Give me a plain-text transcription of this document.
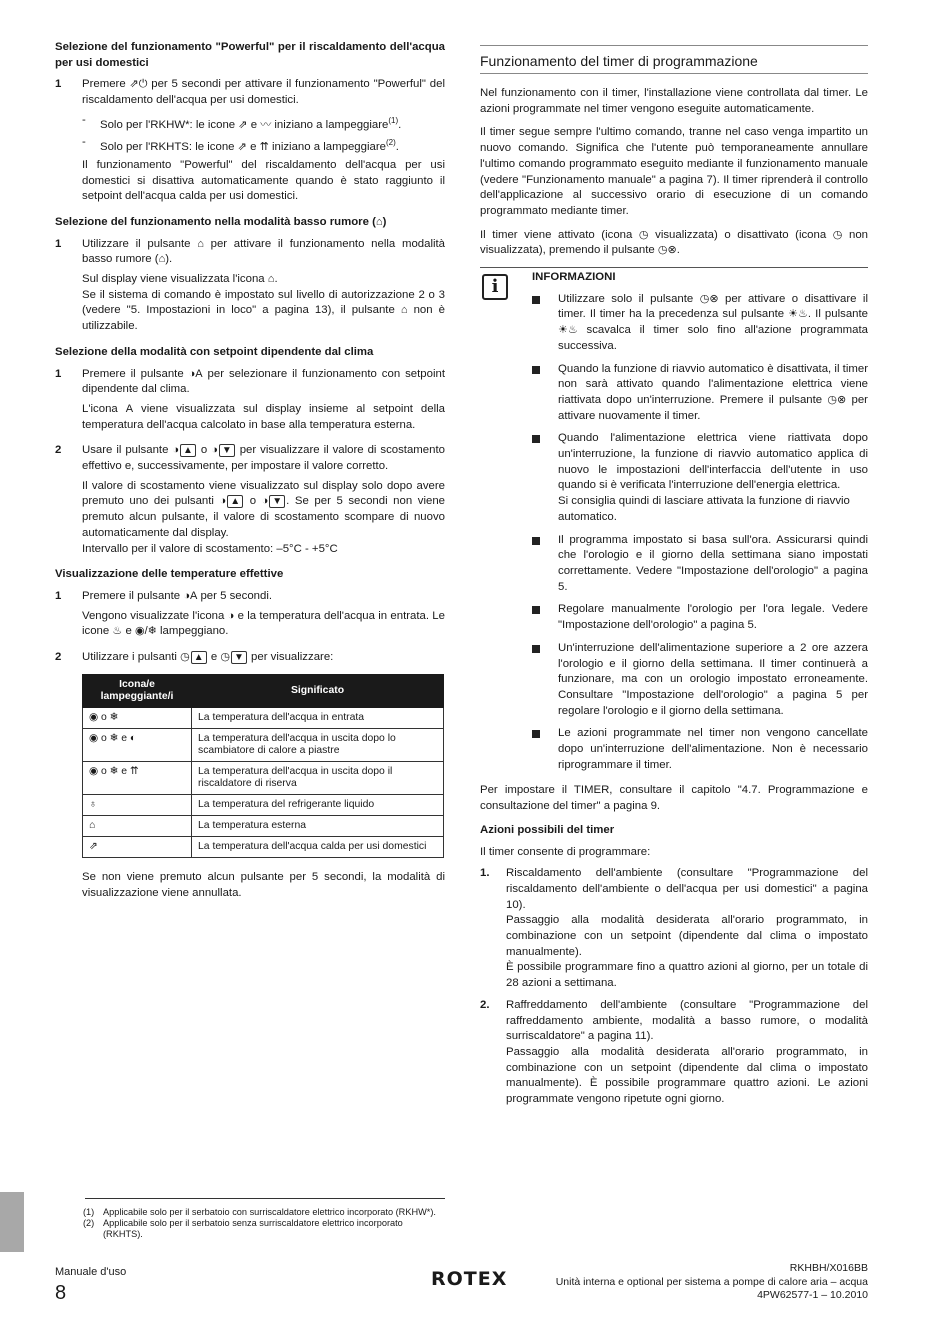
Selezione del funzionamento "Powerful" per il riscaldamento dell'acqua per usi domestici

1 Premere ⇗⏻ per 5 secondi per attivare il funzionamento "Powerful" del riscaldamento dell'acqua per usi domestici.

- Solo per l'RKHW*: le icone ⇗ e 〰 iniziano a lampeggiare$^{(1)}$.
- Solo per l'RKHTS: le icone ⇗ e ⇈ iniziano a lampeggiare$^{(2)}$.

Il funzionamento "Powerful" del riscaldamento dell'acqua per usi domestici si disattiva automaticamente quando è stato raggiunto il setpoint dell'acqua calda per usi domestici.

Selezione del funzionamento nella modalità basso rumore (⌂)

1 Utilizzare il pulsante ⌂ per attivare il funzionamento nella modalità basso rumore (⌂).

Sul display viene visualizzata l'icona ⌂.

Se il sistema di comando è impostato sul livello di autorizzazione 2 o 3 (vedere "5. Impostazioni in loco" a pagina 13), il pulsante ⌂ non è utilizzabile.

Selezione della modalità con setpoint dipendente dal clima

1 Premere il pulsante ◑A per selezionare il funzionamento con setpoint dipendente dal clima.

L'icona A viene visualizzata sul display insieme al setpoint della temperatura dell'acqua calcolato in base alla temperatura esterna.

2 Usare il pulsante ◑ ▲ o ◑ ▼ per visualizzare il valore di scostamento effettivo e, successivamente, per impostare il valore corretto.

Il valore di scostamento viene visualizzato sul display solo dopo avere premuto uno dei pulsanti ◑ ▲ o ◑ ▼ . Se per 5 secondi non viene premuto alcun pulsante, il valore di scostamento scompare di nuovo automaticamente dal display.

Intervallo per il valore di scostamento: –5°C - +5°C

Visualizzazione delle temperature effettive

1 Premere il pulsante ◑A per 5 secondi.

Vengono visualizzate l'icona ◑ e la temperatura dell'acqua in entrata. Le icone ♨ e ◉/❄ lampeggiano.

2 Utilizzare i pulsanti ◷ ▲ e ◷ ▼ per visualizzare:

Icona/e lampeggiante/i	Significato
◉ o ❄	La temperatura dell'acqua in entrata
◉ o ❄ e ◐	La temperatura dell'acqua in uscita dopo lo scambiatore di calore a piastre
◉ o ❄ e ⇈	La temperatura dell'acqua in uscita dopo il riscaldatore di riserva
♁	La temperatura del refrigerante liquido
⌂	La temperatura esterna
⇗	La temperatura dell'acqua calda per usi domestici

Se non viene premuto alcun pulsante per 5 secondi, la modalità di visualizzazione viene annullata.

Funzionamento del timer di programmazione

Nel funzionamento con il timer, l'installazione viene controllata dal timer. Le azioni programmate nel timer vengono eseguite automaticamente.

Il timer segue sempre l'ultimo comando, tranne nel caso venga impartito un nuovo comando. Significa che l'utente può temporaneamente annullare l'ultimo comando programmato eseguito mediante il funzionamento manuale (vedere "Funzionamento manuale" a pagina 7). Il timer riprenderà il controllo dell'applicazione al successivo orario di esecuzione di un comando programmato mediante timer.

Il timer viene attivato (icona ◷ visualizzata) o disattivato (icona ◷ non visualizzata), premendo il pulsante ◷⊗.

i	INFORMAZIONI

Utilizzare solo il pulsante ◷⊗ per attivare o disattivare il timer. Il timer ha la precedenza sul pulsante ☀♨. Il pulsante ☀♨ scavalca il timer solo fino all'azione programmata successiva.

Quando la funzione di riavvio automatico è disattivata, il timer non sarà attivato quando l'alimentazione elettrica viene riattivata dopo un'interruzione. Premere il pulsante ◷⊗ per attivare nuovamente il timer.

Quando l'alimentazione elettrica viene riattivata dopo un'interruzione, la funzione di riavvio automatico applica di nuovo le impostazioni dell'interfaccia dell'utente in uso quando si è verificata l'interruzione dell'energia elettrica.

Si consiglia quindi di lasciare attivata la funzione di riavvio automatico.

Il programma impostato si basa sull'ora. Assicurarsi quindi che l'orologio e il giorno della settimana siano impostati correttamente. Vedere "Impostazione dell'orologio" a pagina 5.

Regolare manualmente l'orologio per l'ora legale. Vedere "Impostazione dell'orologio" a pagina 5.

Un'interruzione dell'alimentazione superiore a 2 ore azzera l'orologio e il giorno della settimana. Il timer continuerà a funzionare, ma con un orologio impostato erroneamente. Consultare "Impostazione dell'orologio" a pagina 5 per regolare l'orologio e il giorno della settimana.

Le azioni programmate nel timer non vengono cancellate dopo un'interruzione dell'alimentazione. Non è necessario riprogrammare il timer.

Per impostare il TIMER, consultare il capitolo "4.7. Programmazione e consultazione del timer" a pagina 9.

Azioni possibili del timer

Il timer consente di programmare:

1. Riscaldamento dell'ambiente (consultare "Programmazione del riscaldamento dell'ambiente o dell'acqua per usi domestici" a pagina 10).

Passaggio alla modalità desiderata all'orario programmato, in combinazione con un setpoint (dipendente dal clima o impostato manualmente).

È possibile programmare fino a quattro azioni al giorno, per un totale di 28 azioni a settimana.

2. Raffreddamento dell'ambiente (consultare "Programmazione del raffreddamento ambiente, modalità a basso rumore, o modalità surriscaldatore" a pagina 11).

Passaggio alla modalità desiderata all'orario programmato, in combinazione con un setpoint (dipendente dal clima o impostato manualmente). È possibile programmare quattro azioni. Le azioni programmate vengono ripetute ogni giorno.

(1) Applicabile solo per il serbatoio con surriscaldatore elettrico incorporato (RKHW*).
(2) Applicabile solo per il serbatoio senza surriscaldatore elettrico incorporato (RKHTS).
Manuale d'uso
8
ROTEX	RKHBH/X016BB
Unità interna e optional per sistema a pompe di calore aria – acqua
4PW62577-1 – 10.2010
